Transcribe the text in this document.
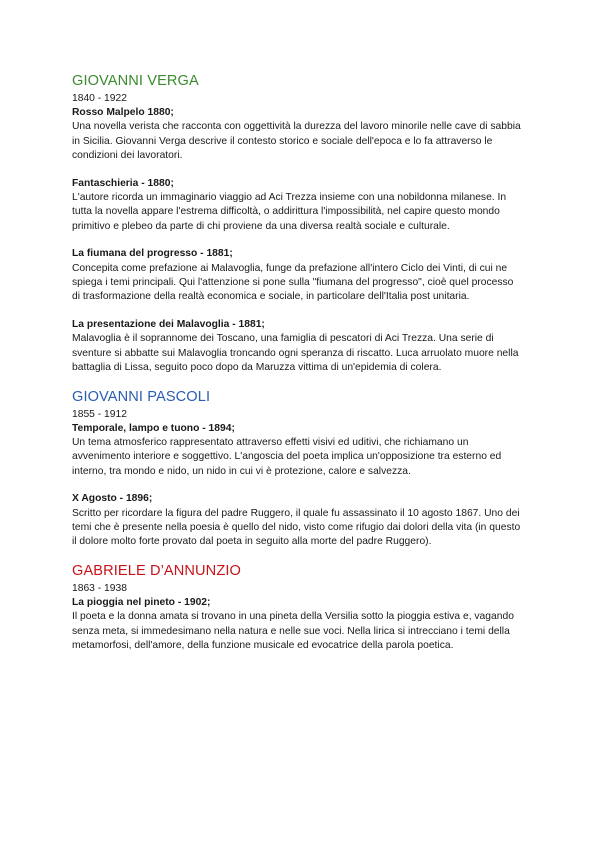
GIOVANNI VERGA

1840 - 1922

Rosso Malpelo 1880;

Una novella verista che racconta con oggettività la durezza del lavoro minorile nelle cave di sabbia in Sicilia. Giovanni Verga descrive il contesto storico e sociale dell'epoca e lo fa attraverso le condizioni dei lavoratori.

Fantaschieria - 1880;

L'autore ricorda un immaginario viaggio ad Aci Trezza insieme con una nobildonna milanese. In tutta la novella appare l'estrema difficoltà, o addirittura l'impossibilità, nel capire questo mondo primitivo e plebeo da parte di chi proviene da una diversa realtà sociale e culturale.

La fiumana del progresso - 1881;

Concepita come prefazione ai Malavoglia, funge da prefazione all'intero Ciclo dei Vinti, di cui ne spiega i temi principali. Qui l'attenzione si pone sulla "fiumana del progresso", cioè quel processo di trasformazione della realtà economica e sociale, in particolare dell'Italia post unitaria.

La presentazione dei Malavoglia - 1881;

Malavoglia è il soprannome dei Toscano, una famiglia di pescatori di Aci Trezza. Una serie di sventure si abbatte sui Malavoglia troncando ogni speranza di riscatto. Luca arruolato muore nella battaglia di Lissa, seguito poco dopo da Maruzza vittima di un'epidemia di colera.

GIOVANNI PASCOLI

1855 - 1912

Temporale, lampo e tuono - 1894;

Un tema atmosferico rappresentato attraverso effetti visivi ed uditivi, che richiamano un avvenimento interiore e soggettivo. L'angoscia del poeta implica un'opposizione tra esterno ed interno, tra mondo e nido, un nido in cui vi è protezione, calore e salvezza.

X Agosto - 1896;

Scritto per ricordare la figura del padre Ruggero, il quale fu assassinato il 10 agosto 1867. Uno dei temi che è presente nella poesia è quello del nido, visto come rifugio dai dolori della vita (in questo il dolore molto forte provato dal poeta in seguito alla morte del padre Ruggero).

GABRIELE D’ANNUNZIO

1863 - 1938

La pioggia nel pineto - 1902;

Il poeta e la donna amata si trovano in una pineta della Versilia sotto la pioggia estiva e, vagando senza meta, si immedesimano nella natura e nelle sue voci. Nella lirica si intrecciano i temi della metamorfosi, dell'amore, della funzione musicale ed evocatrice della parola poetica.
